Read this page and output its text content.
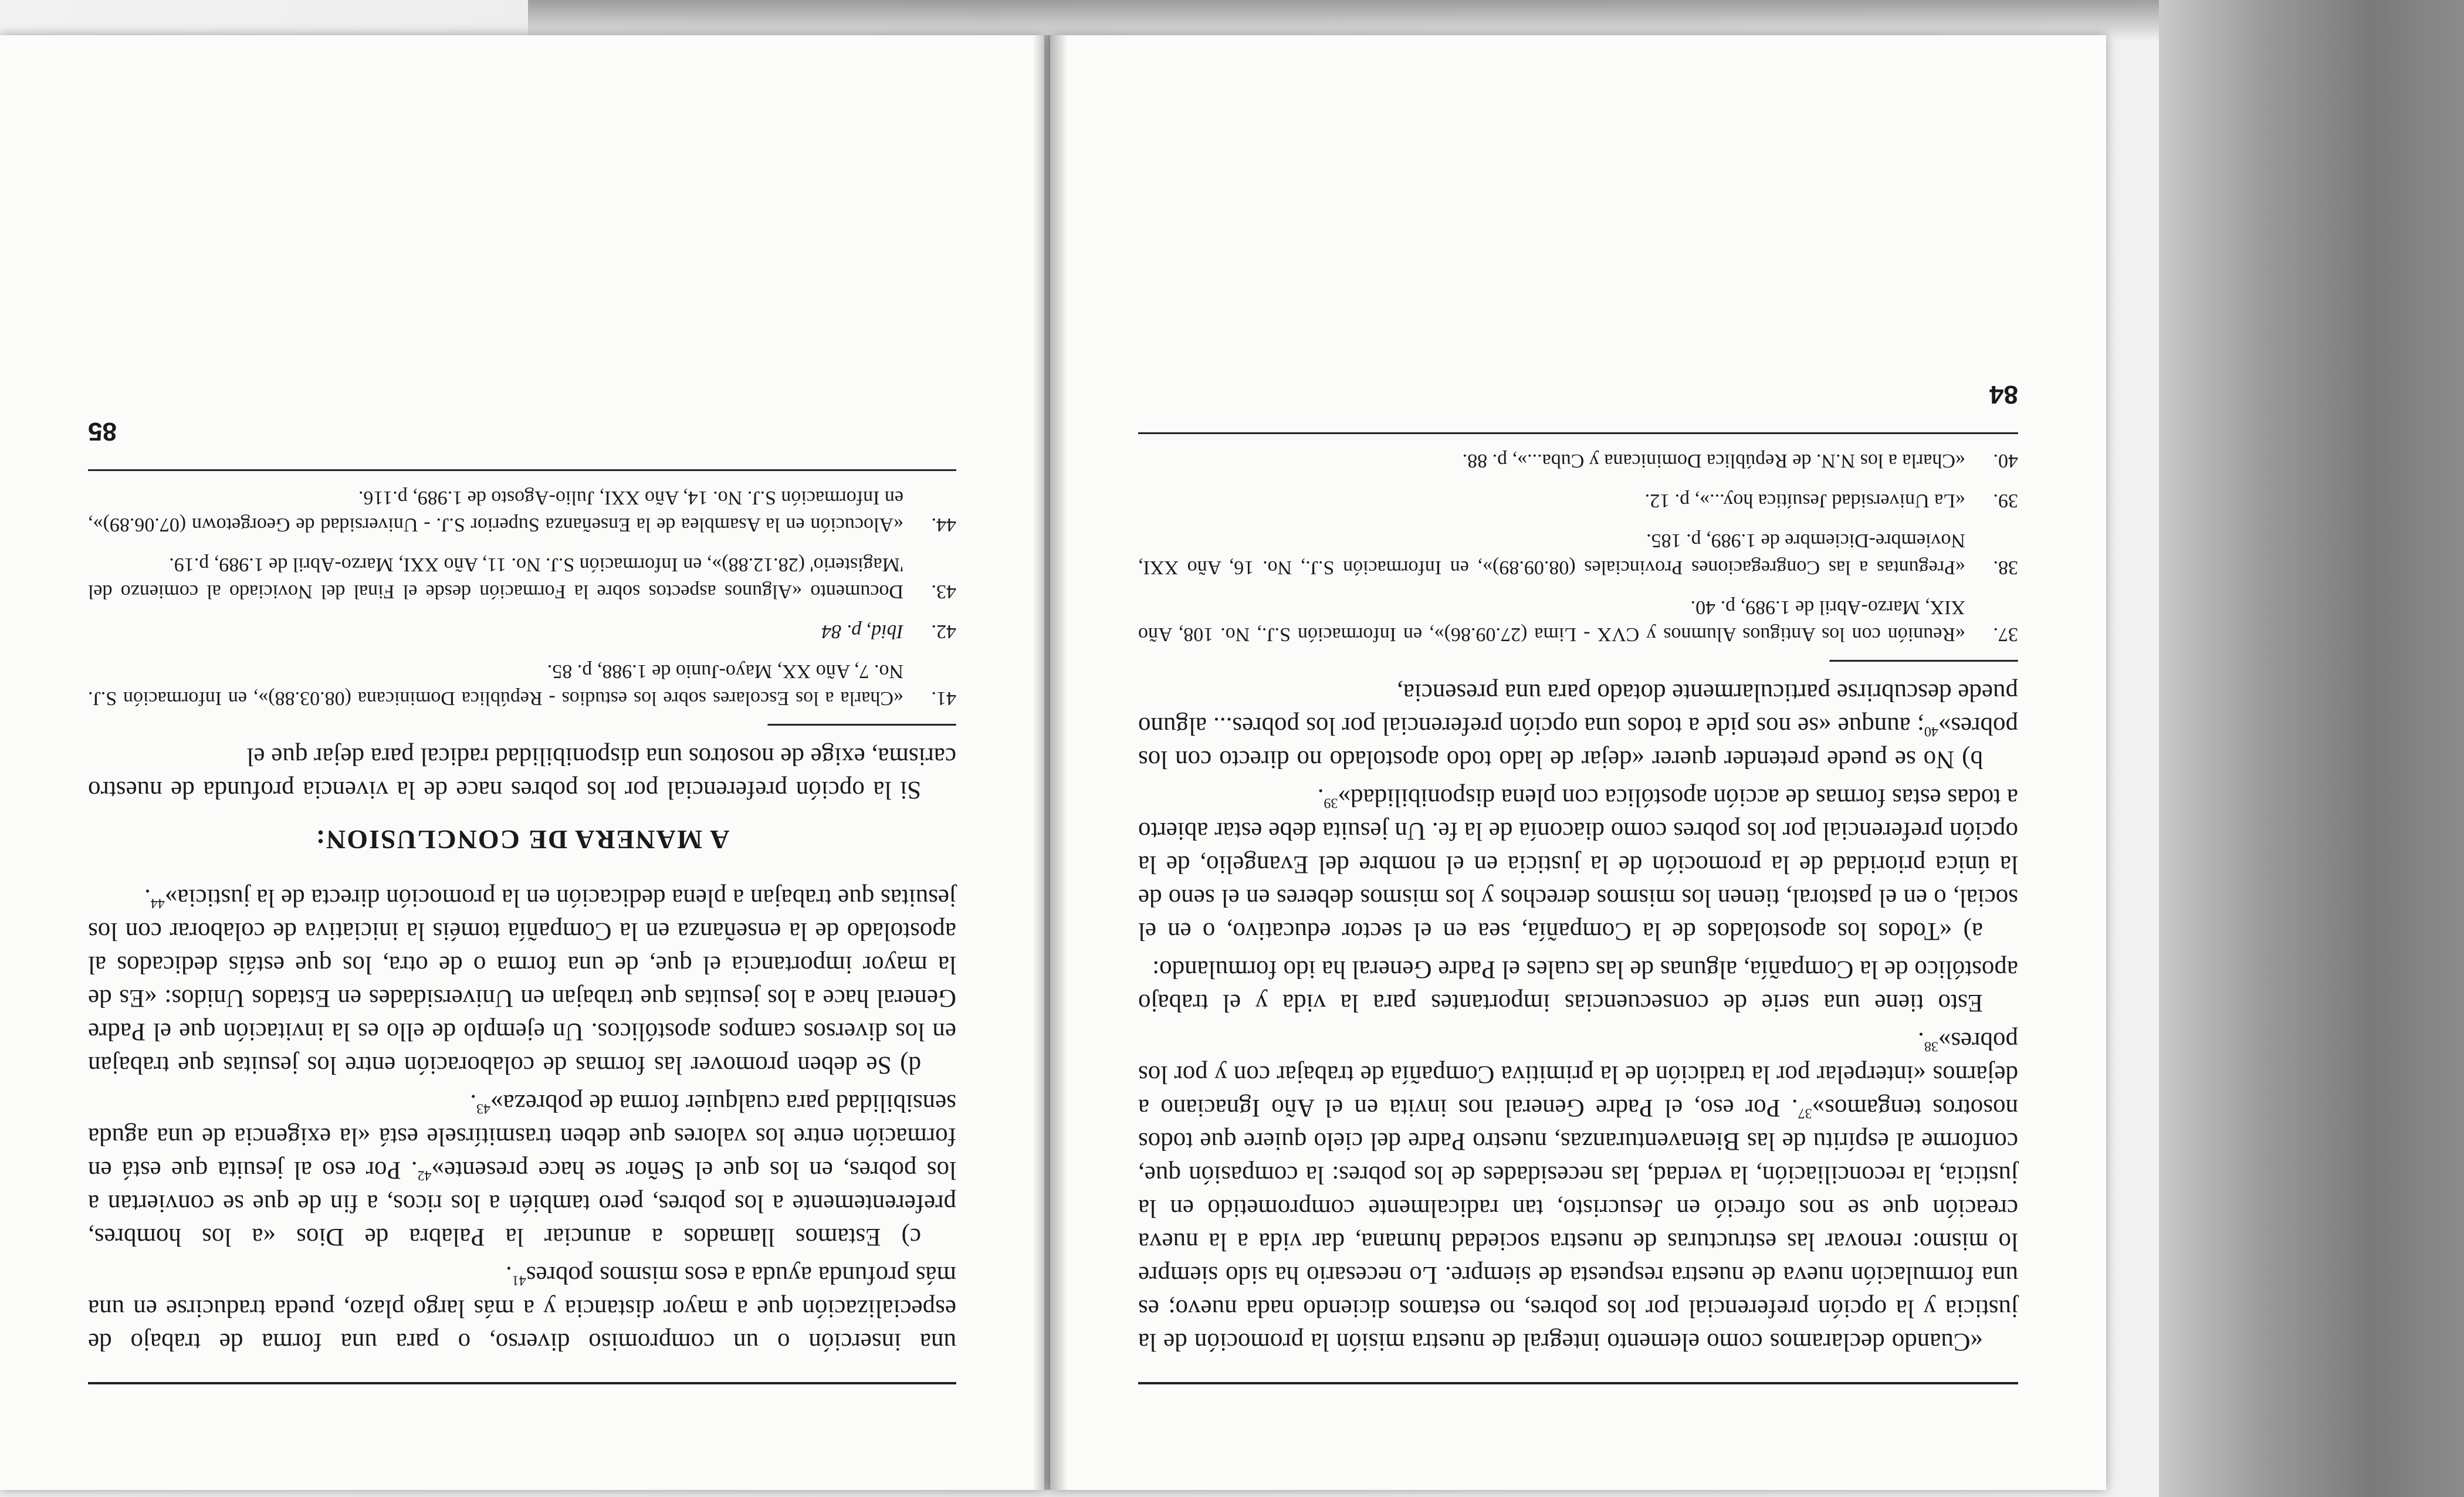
una inserción o un compromiso diverso, o para una forma de trabajo de especialización que a mayor distancia y a más largo plazo, pueda traducirse en una más profunda ayuda a esos mismos pobres$^{41}$.

c) Estamos llamados a anunciar la Palabra de Dios «a los hombres, preferentemente a los pobres, pero también a los ricos, a fin de que se conviertan a los pobres, en los que el Señor se hace presente»$^{42}$. Por eso al jesuita que está en formación entre los valores que deben trasmitírsele está «la exigencia de una aguda sensibilidad para cualquier forma de pobreza»$^{43}$.

d) Se deben promover las formas de colaboración entre los jesuitas que trabajan en los diversos campos apostólicos. Un ejemplo de ello es la invitación que el Padre General hace a los jesuitas que trabajan en Universidades en Estados Unidos: «Es de la mayor importancia el que, de una forma o de otra, los que estáis dedicados al apostolado de la enseñanza en la Compañía toméis la iniciativa de colaborar con los jesuitas que trabajan a plena dedicación en la promoción directa de la justicia»$^{44}$.

A MANERA DE CONCLUSION:

Si la opción preferencial por los pobres nace de la vivencia profunda de nuestro carisma, exige de nosotros una disponibilidad radical para dejar que el

41.
«Charla a los Escolares sobre los estudios - República Dominicana (08.03.88)», en Información S.J. No. 7, Año XX, Mayo-Junio de 1.988, p. 85.
42.
Ibid, p. 84
43.
Documento «Algunos aspectos sobre la Formación desde el Final del Noviciado al comienzo del 'Magisterio' (28.12.88)», en Información S.J. No. 11, Año XXI, Marzo-Abril de 1.989, p.19.
44.
«Alocución en la Asamblea de la Enseñanza Superior S.J. - Universidad de Georgetown (07.06.89)», en Información S.J. No. 14, Año XXI, Julio-Agosto de 1.989, p.116.
85

«Cuando declaramos como elemento integral de nuestra misión la promoción de la justicia y la opción preferencial por los pobres, no estamos diciendo nada nuevo; es una formulación nueva de nuestra respuesta de siempre. Lo necesario ha sido siempre lo mismo: renovar las estructuras de nuestra sociedad humana, dar vida a la nueva creación que se nos ofreció en Jesucristo, tan radicalmente comprometido en la justicia, la reconciliación, la verdad, las necesidades de los pobres: la compasión que, conforme al espíritu de las Bienaventuranzas, nuestro Padre del cielo quiere que todos nosotros tengamos»$^{37}$. Por eso, el Padre General nos invita en el Año Ignaciano a dejarnos «interpelar por la tradición de la primitiva Compañía de trabajar con y por los pobres»$^{38}$.

Esto tiene una serie de consecuencias importantes para la vida y el trabajo apostólico de la Compañía, algunas de las cuales el Padre General ha ido formulando:

a) «Todos los apostolados de la Compañía, sea en el sector educativo, o en el social, o en el pastoral, tienen los mismos derechos y los mismos deberes en el seno de la única prioridad de la promoción de la justicia en el nombre del Evangelio, de la opción preferencial por los pobres como diaconía de la fe. Un jesuita debe estar abierto a todas estas formas de acción apostólica con plena disponibilidad»$^{39}$.

b) No se puede pretender querer «dejar de lado todo apostolado no directo con los pobres»$^{40}$; aunque «se nos pide a todos una opción preferencial por los pobres... alguno puede descubrirse particularmente dotado para una presencia,

37.
«Reunión con los Antiguos Alumnos y CVX - Lima (27.09.86)», en Información S.J., No. 108, Año XIX, Marzo-Abril de 1.989, p. 40.
38.
«Preguntas a las Congregaciones Provinciales (08.09.89)», en Información S.J., No. 16, Año XXI, Noviembre-Diciembre de 1.989, p. 185.
39.
«La Universidad Jesuítica hoy...», p. 12.
40.
«Charla a los N.N. de República Dominicana y Cuba...», p. 88.
84
